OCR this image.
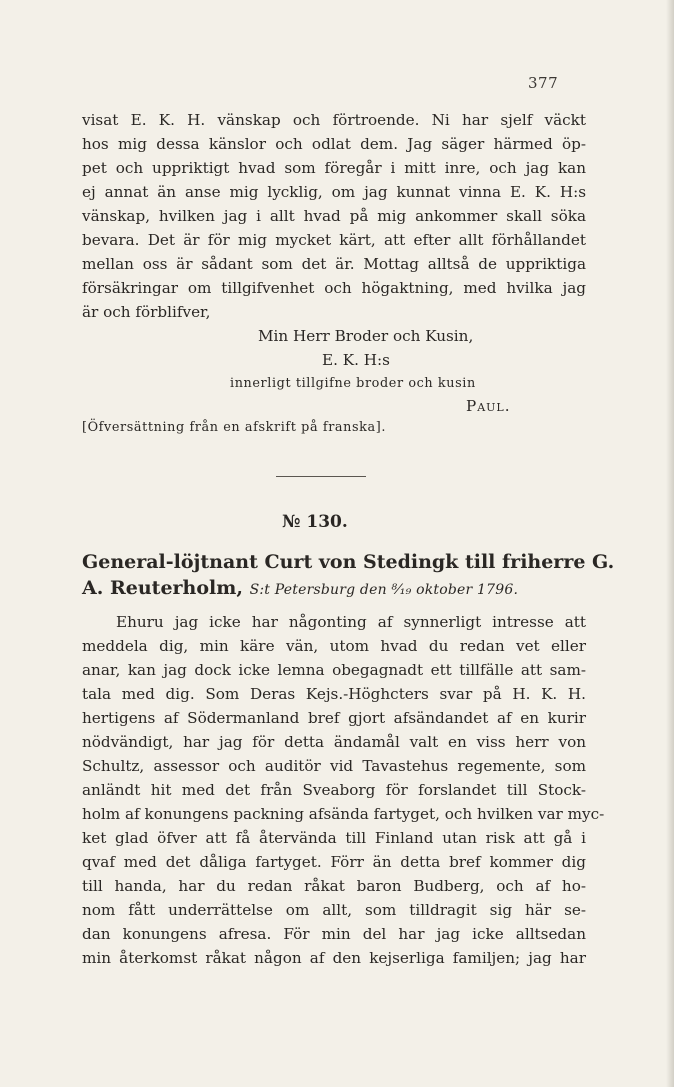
377
visat E. K. H. vänskap och förtroende. Ni har sjelf väckt
hos mig dessa känslor och odlat dem. Jag säger härmed öp-
pet och uppriktigt hvad som föregår i mitt inre, och jag kan
ej annat än anse mig lycklig, om jag kunnat vinna E. K. H:s
vänskap, hvilken jag i allt hvad på mig ankommer skall söka
bevara. Det är för mig mycket kärt, att efter allt förhållandet
mellan oss är sådant som det är. Mottag alltså de uppriktiga
försäkringar om tillgifvenhet och högaktning, med hvilka jag
är och förblifver,
Min Herr Broder och Kusin,
E. K. H:s
innerligt tillgifne broder och kusin
Paul.
[Öfversättning från en afskrift på franska].
№ 130.
General-löjtnant Curt von Stedingk till friherre G.
A. Reuterholm, S:t Petersburg den ⁸⁄₁₉ oktober 1796.
Ehuru jag icke har någonting af synnerligt intresse att
meddela dig, min käre vän, utom hvad du redan vet eller
anar, kan jag dock icke lemna obegagnadt ett tillfälle att sam-
tala med dig. Som Deras Kejs.-Höghcters svar på H. K. H.
hertigens af Södermanland bref gjort afsändandet af en kurir
nödvändigt, har jag för detta ändamål valt en viss herr von
Schultz, assessor och auditör vid Tavastehus regemente, som
anländt hit med det från Sveaborg för forslandet till Stock-
holm af konungens packning afsända fartyget, och hvilken var myc-
ket glad öfver att få återvända till Finland utan risk att gå i
qvaf med det dåliga fartyget. Förr än detta bref kommer dig
till handa, har du redan råkat baron Budberg, och af ho-
nom fått underrättelse om allt, som tilldragit sig här se-
dan konungens afresa. För min del har jag icke alltsedan
min återkomst råkat någon af den kejserliga familjen; jag har
